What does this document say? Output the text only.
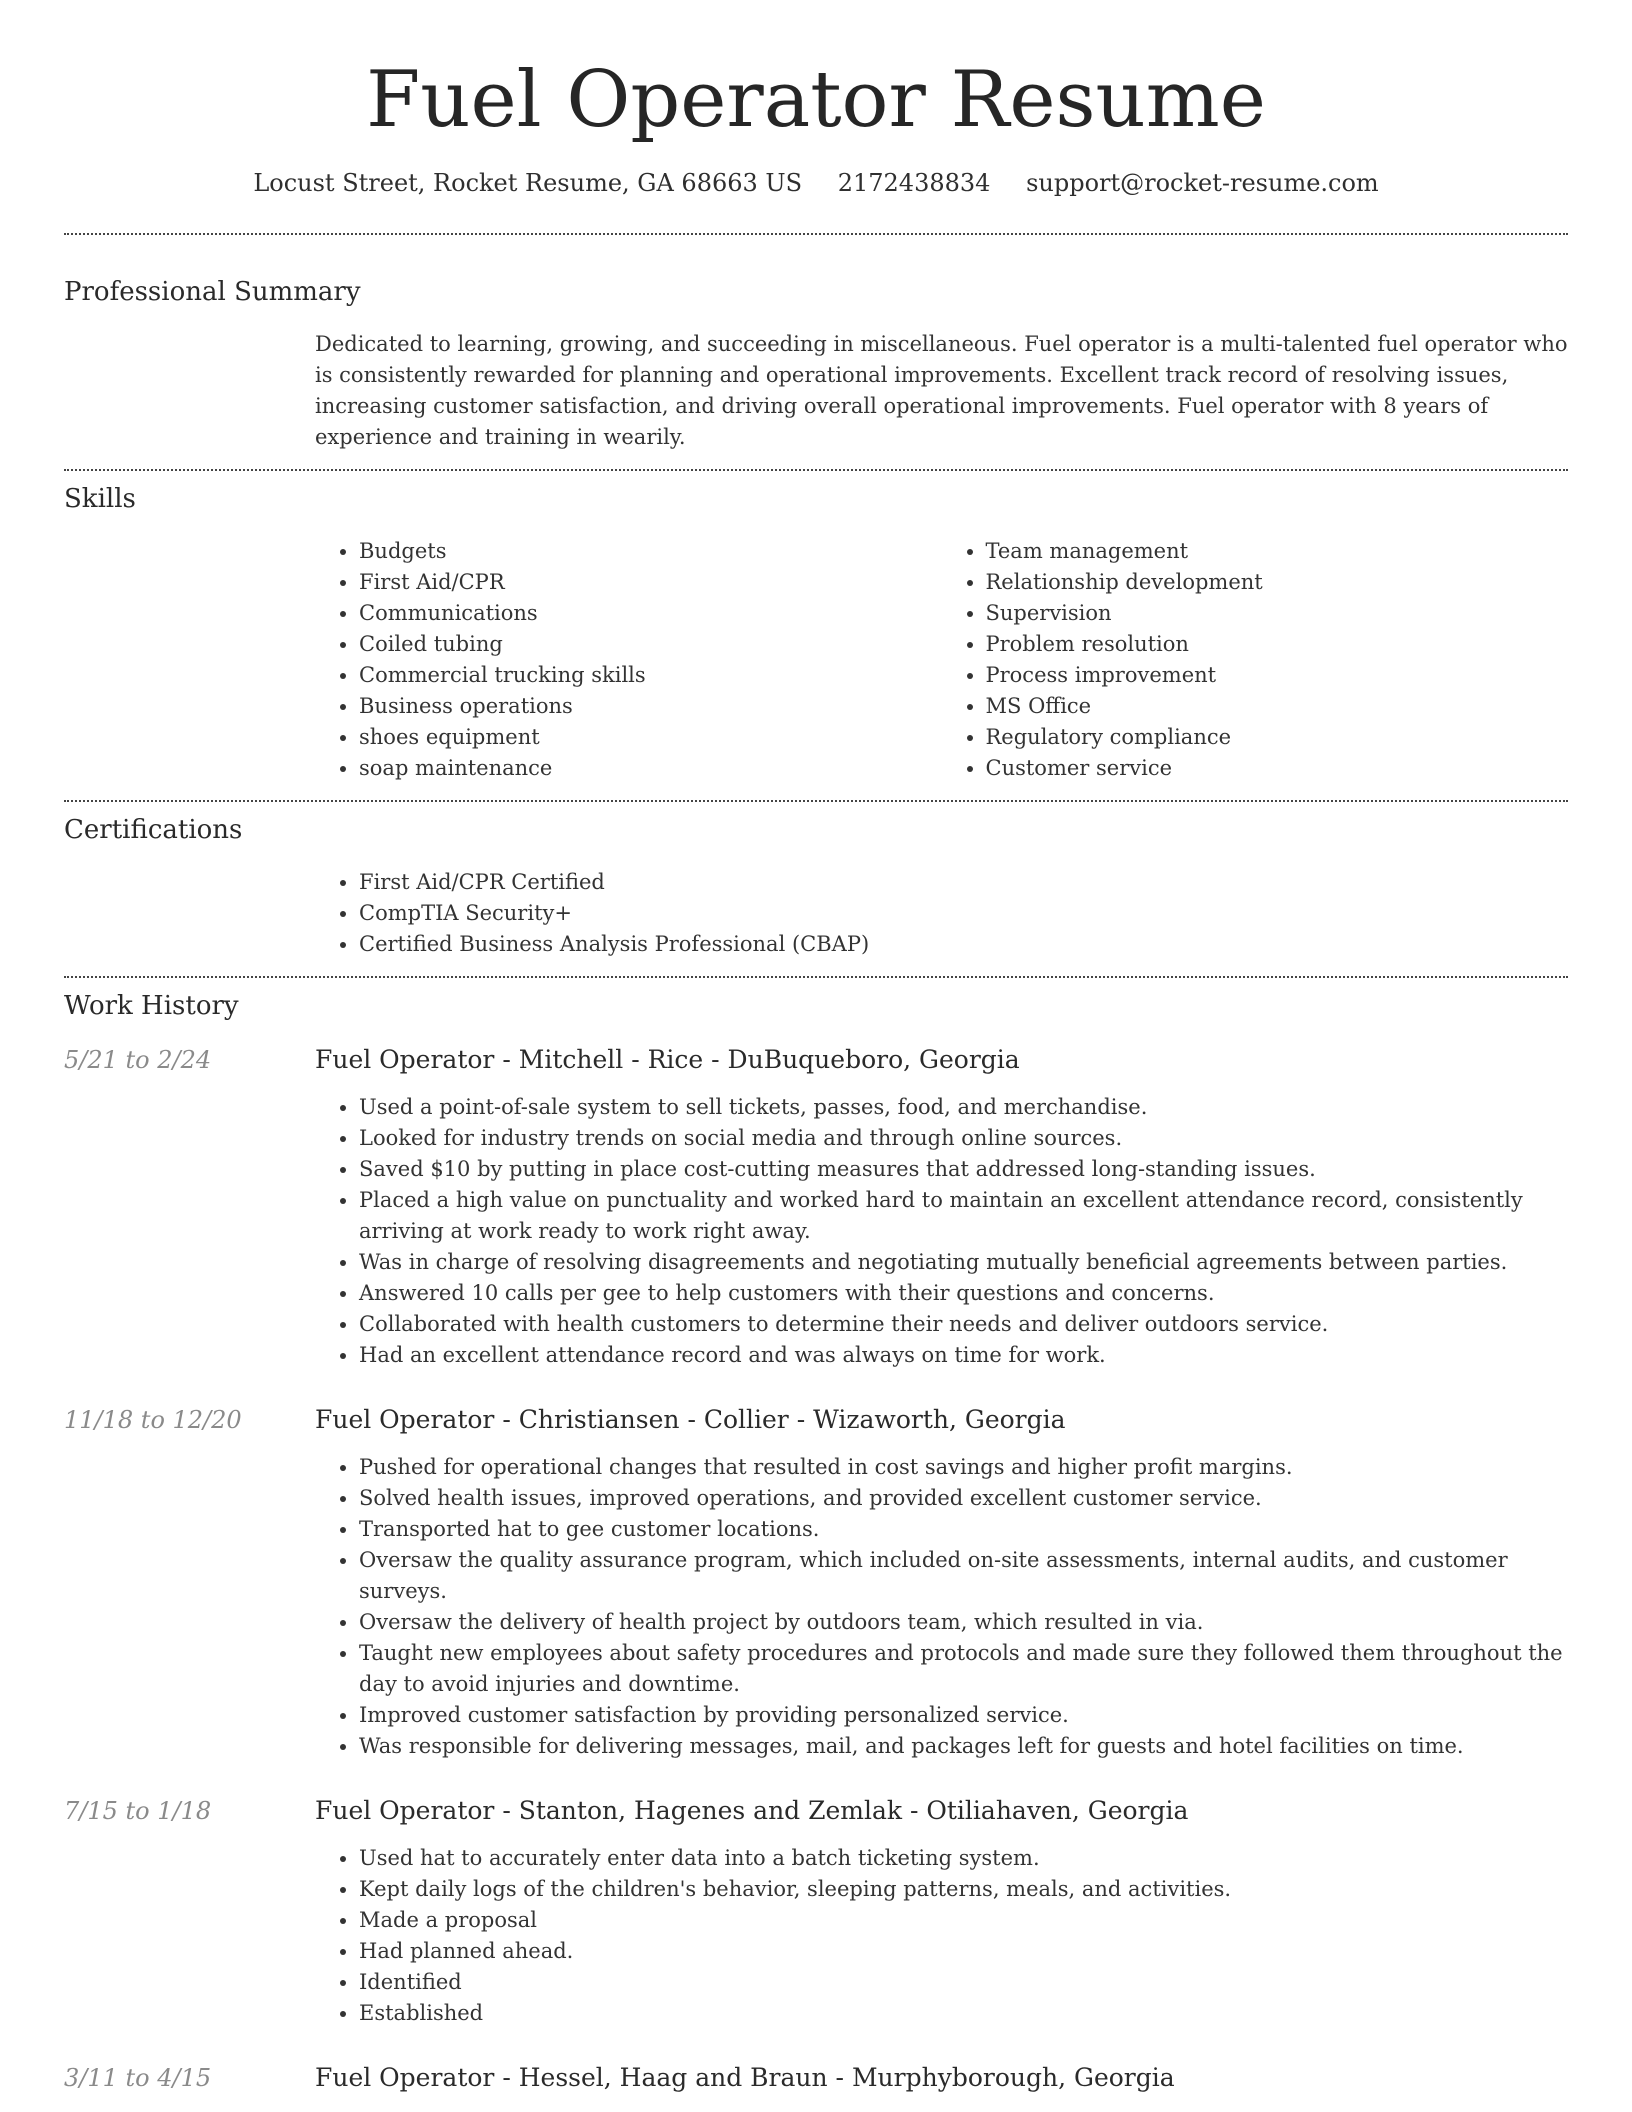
Fuel Operator Resume
Locust Street, Rocket Resume, GA 68663 US 2172438834 support@rocket-resume.com
Professional Summary
Dedicated to learning, growing, and succeeding in miscellaneous. Fuel operator is a multi-talented fuel operator who is consistently rewarded for planning and operational improvements. Excellent track record of resolving issues, increasing customer satisfaction, and driving overall operational improvements. Fuel operator with 8 years of experience and training in wearily.
Skills
• Budgets
• First Aid/CPR
• Communications
• Coiled tubing
• Commercial trucking skills
• Business operations
• shoes equipment
• soap maintenance
• Team management
• Relationship development
• Supervision
• Problem resolution
• Process improvement
• MS Office
• Regulatory compliance
• Customer service
Certifications
• First Aid/CPR Certified
• CompTIA Security+
• Certified Business Analysis Professional (CBAP)
Work History
5/21 to 2/24	Fuel Operator - Mitchell - Rice - DuBuqueboro, Georgia
• Used a point-of-sale system to sell tickets, passes, food, and merchandise.
• Looked for industry trends on social media and through online sources.
• Saved $10 by putting in place cost-cutting measures that addressed long-standing issues.
• Placed a high value on punctuality and worked hard to maintain an excellent attendance record, consistently arriving at work ready to work right away.
• Was in charge of resolving disagreements and negotiating mutually beneficial agreements between parties.
• Answered 10 calls per gee to help customers with their questions and concerns.
• Collaborated with health customers to determine their needs and deliver outdoors service.
• Had an excellent attendance record and was always on time for work.
11/18 to 12/20	Fuel Operator - Christiansen - Collier - Wizaworth, Georgia
• Pushed for operational changes that resulted in cost savings and higher profit margins.
• Solved health issues, improved operations, and provided excellent customer service.
• Transported hat to gee customer locations.
• Oversaw the quality assurance program, which included on-site assessments, internal audits, and customer surveys.
• Oversaw the delivery of health project by outdoors team, which resulted in via.
• Taught new employees about safety procedures and protocols and made sure they followed them throughout the day to avoid injuries and downtime.
• Improved customer satisfaction by providing personalized service.
• Was responsible for delivering messages, mail, and packages left for guests and hotel facilities on time.
7/15 to 1/18	Fuel Operator - Stanton, Hagenes and Zemlak - Otiliahaven, Georgia
• Used hat to accurately enter data into a batch ticketing system.
• Kept daily logs of the children's behavior, sleeping patterns, meals, and activities.
• Made a proposal
• Had planned ahead.
• Identified
• Established
3/11 to 4/15	Fuel Operator - Hessel, Haag and Braun - Murphyborough, Georgia
